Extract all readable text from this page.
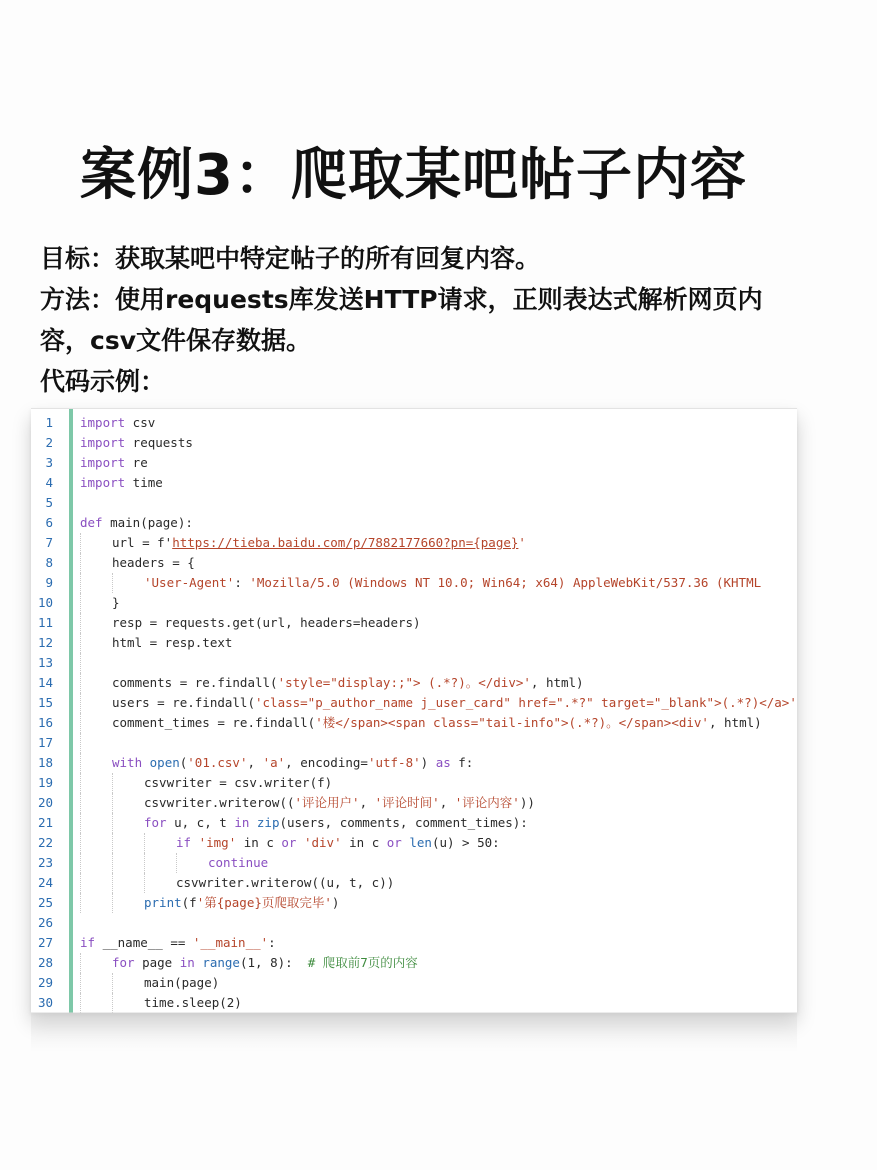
案例3：爬取某吧帖子内容

目标：获取某吧中特定帖子的所有回复内容。

方法：使用requests库发送HTTP请求，正则表达式解析网页内容，csv文件保存数据。

代码示例：

1 import csv
2 import requests
3 import re
4 import time
5
6 def main(page):
7	url = f'https://tieba.baidu.com/p/7882177660?pn={page}'
8	headers = {
9	'User-Agent': 'Mozilla/5.0 (Windows NT 10.0; Win64; x64) AppleWebKit/537.36 (KHTML
10	}
11	resp = requests.get(url, headers=headers)
12	html = resp.text
13
14	comments = re.findall('style="display:;"> (.*?)。</div>', html)
15	users = re.findall('class="p_author_name j_user_card" href=".*?" target="_blank">(.*?)</a>'
16	comment_times = re.findall('楼</span><span class="tail-info">(.*?)。</span><div', html)
17
18	with open('01.csv', 'a', encoding='utf-8') as f:
19	csvwriter = csv.writer(f)
20	csvwriter.writerow(('评论用户', '评论时间', '评论内容'))
21	for u, c, t in zip(users, comments, comment_times):
22	if 'img' in c or 'div' in c or len(u) > 50:
23	continue
24	csvwriter.writerow((u, t, c))
25	print(f'第{page}页爬取完毕')
26
27 if __name__ == '__main__':
28	for page in range(1, 8):  # 爬取前7页的内容
29	main(page)
30	time.sleep(2)
